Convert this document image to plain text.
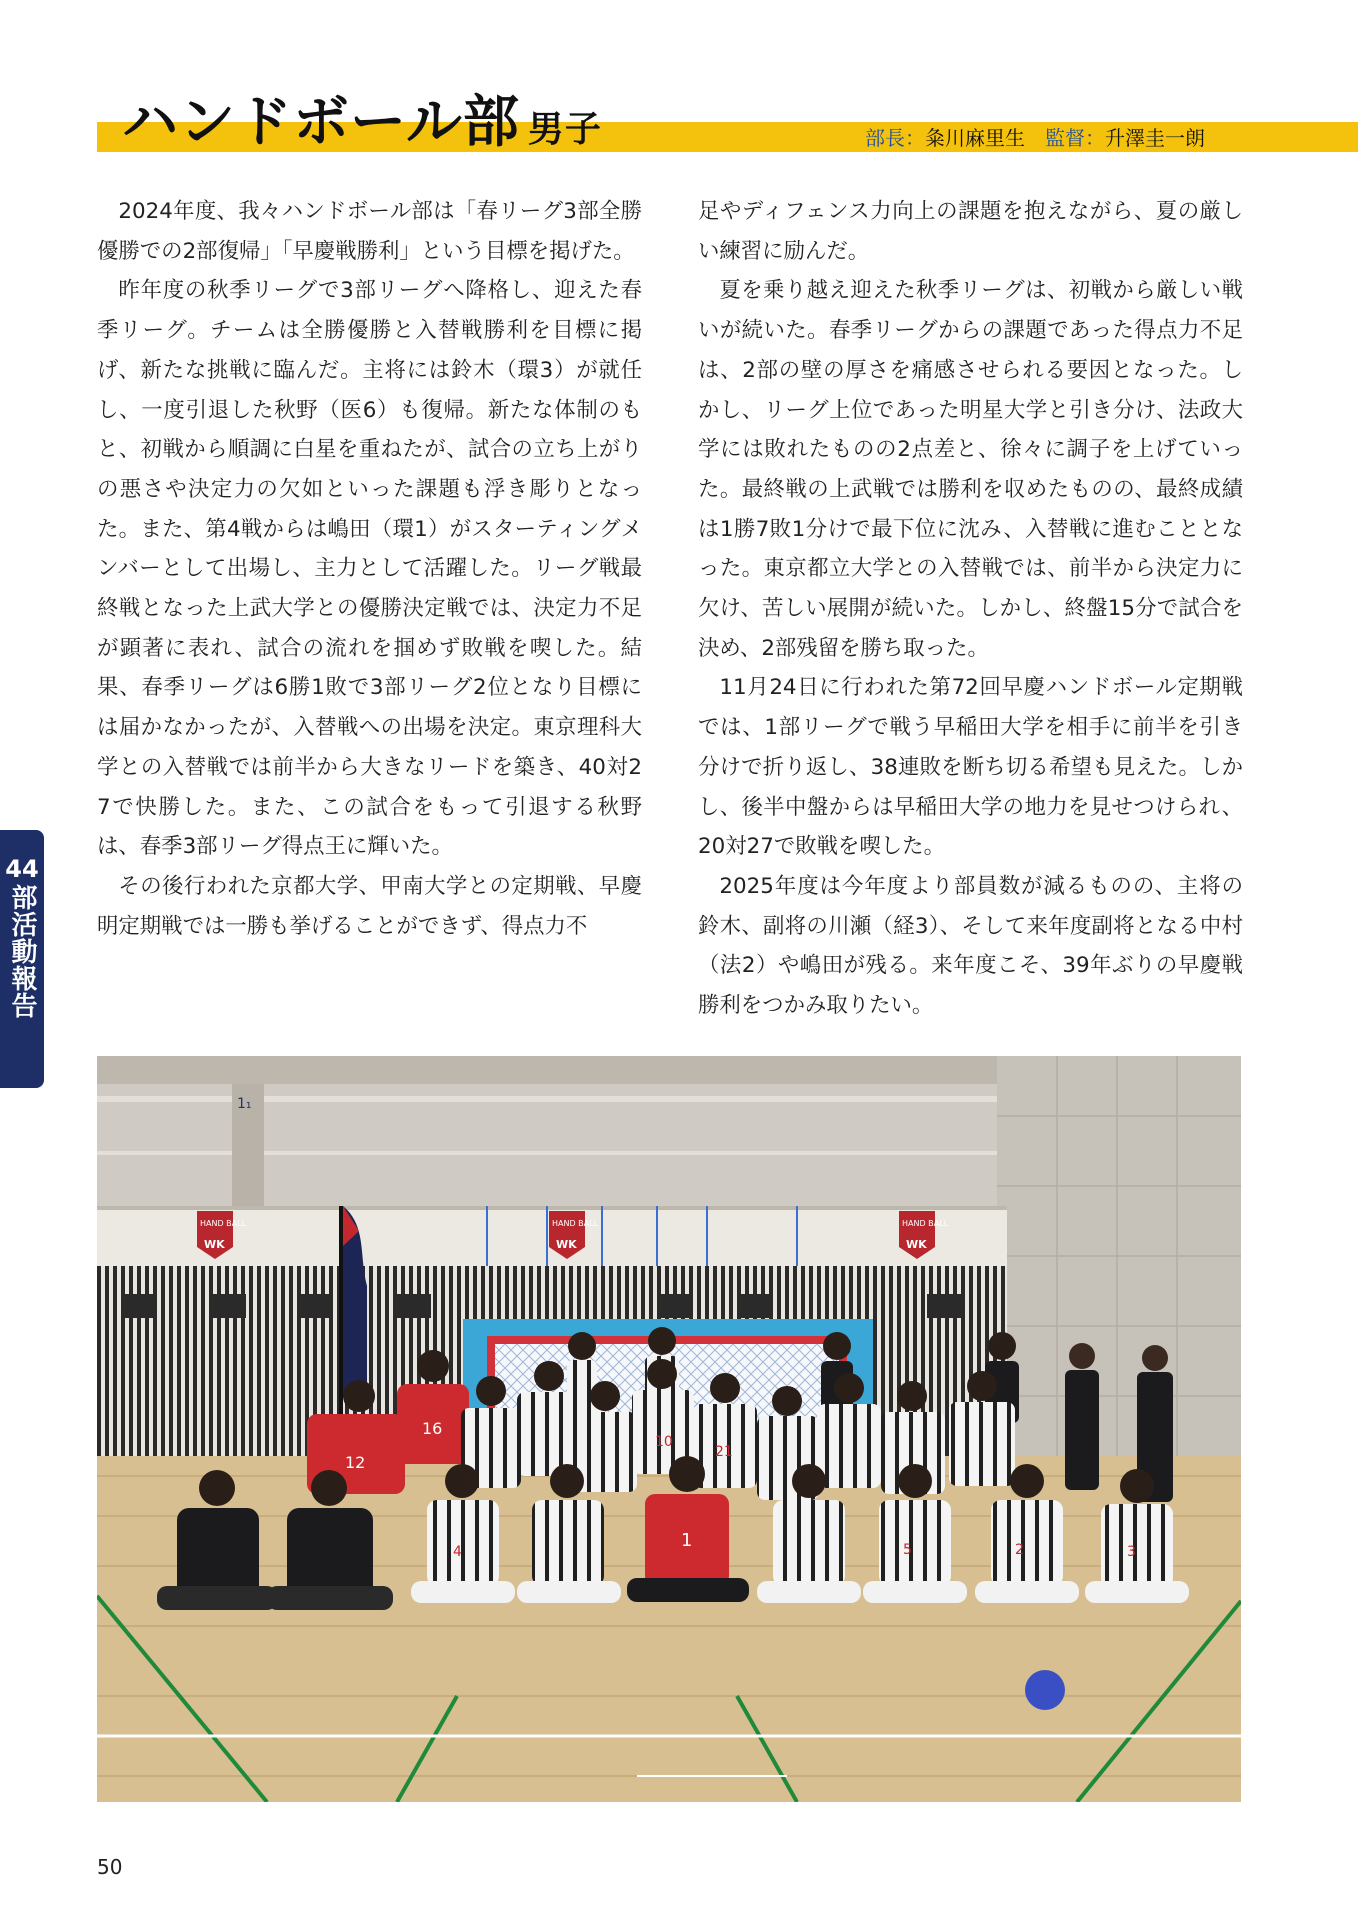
ハンドボール部 男子	部長：粂川麻里生 監督：升澤圭一朗
44
部活動報告

2024年度、我々ハンドボール部は「春リーグ3部全勝優勝での2部復帰」「早慶戦勝利」という目標を掲げた。

昨年度の秋季リーグで3部リーグへ降格し、迎えた春季リーグ。チームは全勝優勝と入替戦勝利を目標に掲げ、新たな挑戦に臨んだ。主将には鈴木（環3）が就任し、一度引退した秋野（医6）も復帰。新たな体制のもと、初戦から順調に白星を重ねたが、試合の立ち上がりの悪さや決定力の欠如といった課題も浮き彫りとなった。また、第4戦からは嶋田（環1）がスターティングメンバーとして出場し、主力として活躍した。リーグ戦最終戦となった上武大学との優勝決定戦では、決定力不足が顕著に表れ、試合の流れを掴めず敗戦を喫した。結果、春季リーグは6勝1敗で3部リーグ2位となり目標には届かなかったが、入替戦への出場を決定。東京理科大学との入替戦では前半から大きなリードを築き、40対27で快勝した。また、この試合をもって引退する秋野は、春季3部リーグ得点王に輝いた。

その後行われた京都大学、甲南大学との定期戦、早慶明定期戦では一勝も挙げることができず、得点力不

足やディフェンス力向上の課題を抱えながら、夏の厳しい練習に励んだ。

夏を乗り越え迎えた秋季リーグは、初戦から厳しい戦いが続いた。春季リーグからの課題であった得点力不足は、2部の壁の厚さを痛感させられる要因となった。しかし、リーグ上位であった明星大学と引き分け、法政大学には敗れたものの2点差と、徐々に調子を上げていった。最終戦の上武戦では勝利を収めたものの、最終成績は1勝7敗1分けで最下位に沈み、入替戦に進むこととなった。東京都立大学との入替戦では、前半から決定力に欠け、苦しい展開が続いた。しかし、終盤15分で試合を決め、2部残留を勝ち取った。

11月24日に行われた第72回早慶ハンドボール定期戦では、1部リーグで戦う早稲田大学を相手に前半を引き分けで折り返し、38連敗を断ち切る希望も見えた。しかし、後半中盤からは早稲田大学の地力を見せつけられ、20対27で敗戦を喫した。

2025年度は今年度より部員数が減るものの、主将の鈴木、副将の川瀬（経3）、そして来年度副将となる中村（法2）や嶋田が残る。来年度こそ、39年ぶりの早慶戦勝利をつかみ取りたい。

1₁
HAND BALL
WK
HAND BALL
WK
HAND BALL
WK
12
16
10
21
4
1	5	2	3
50
